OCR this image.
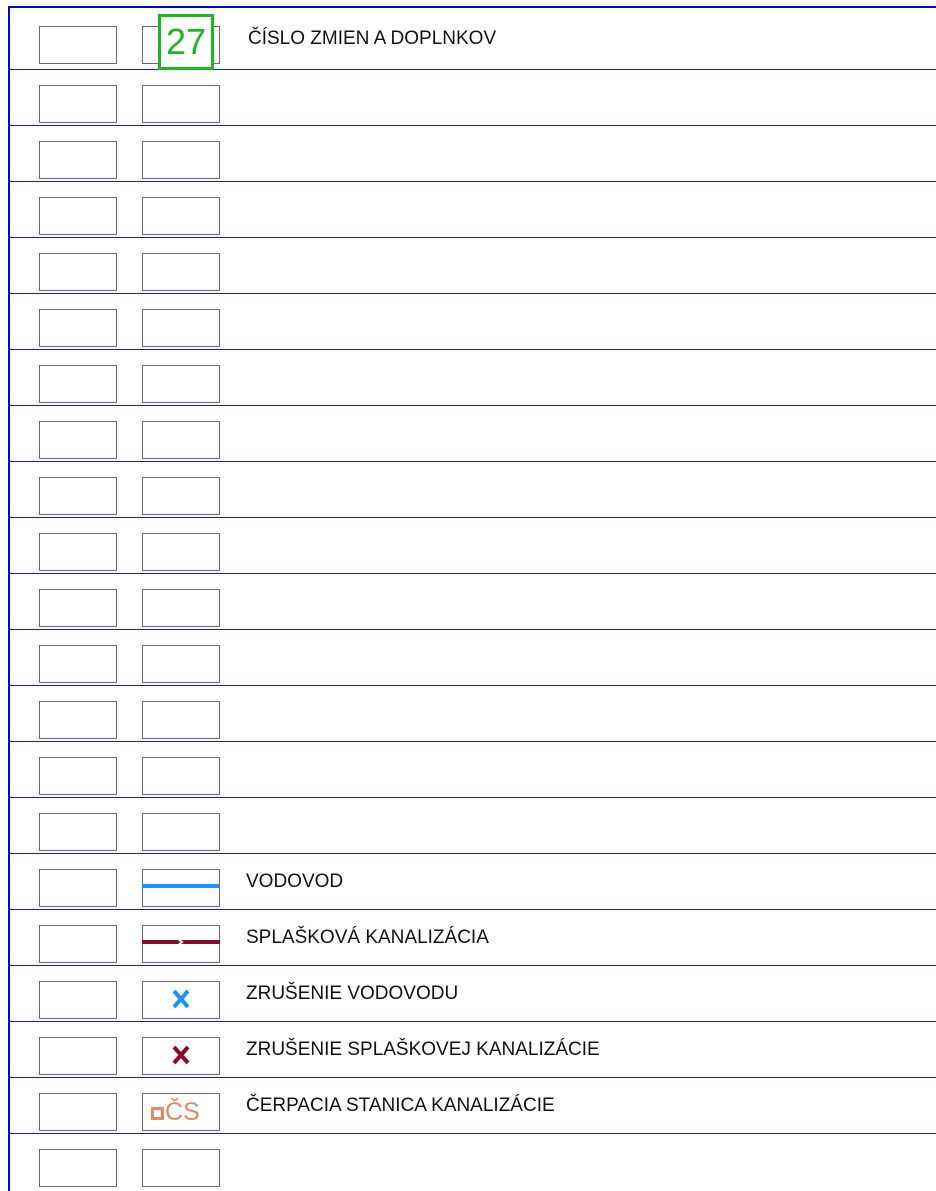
27 ČÍSLO ZMIEN A DOPLNKOV
VODOVOD
SPLAŠKOVÁ KANALIZÁCIA
ZRUŠENIE VODOVODU
ZRUŠENIE SPLAŠKOVEJ KANALIZÁCIE
ČS ČERPACIA STANICA KANALIZÁCIE
